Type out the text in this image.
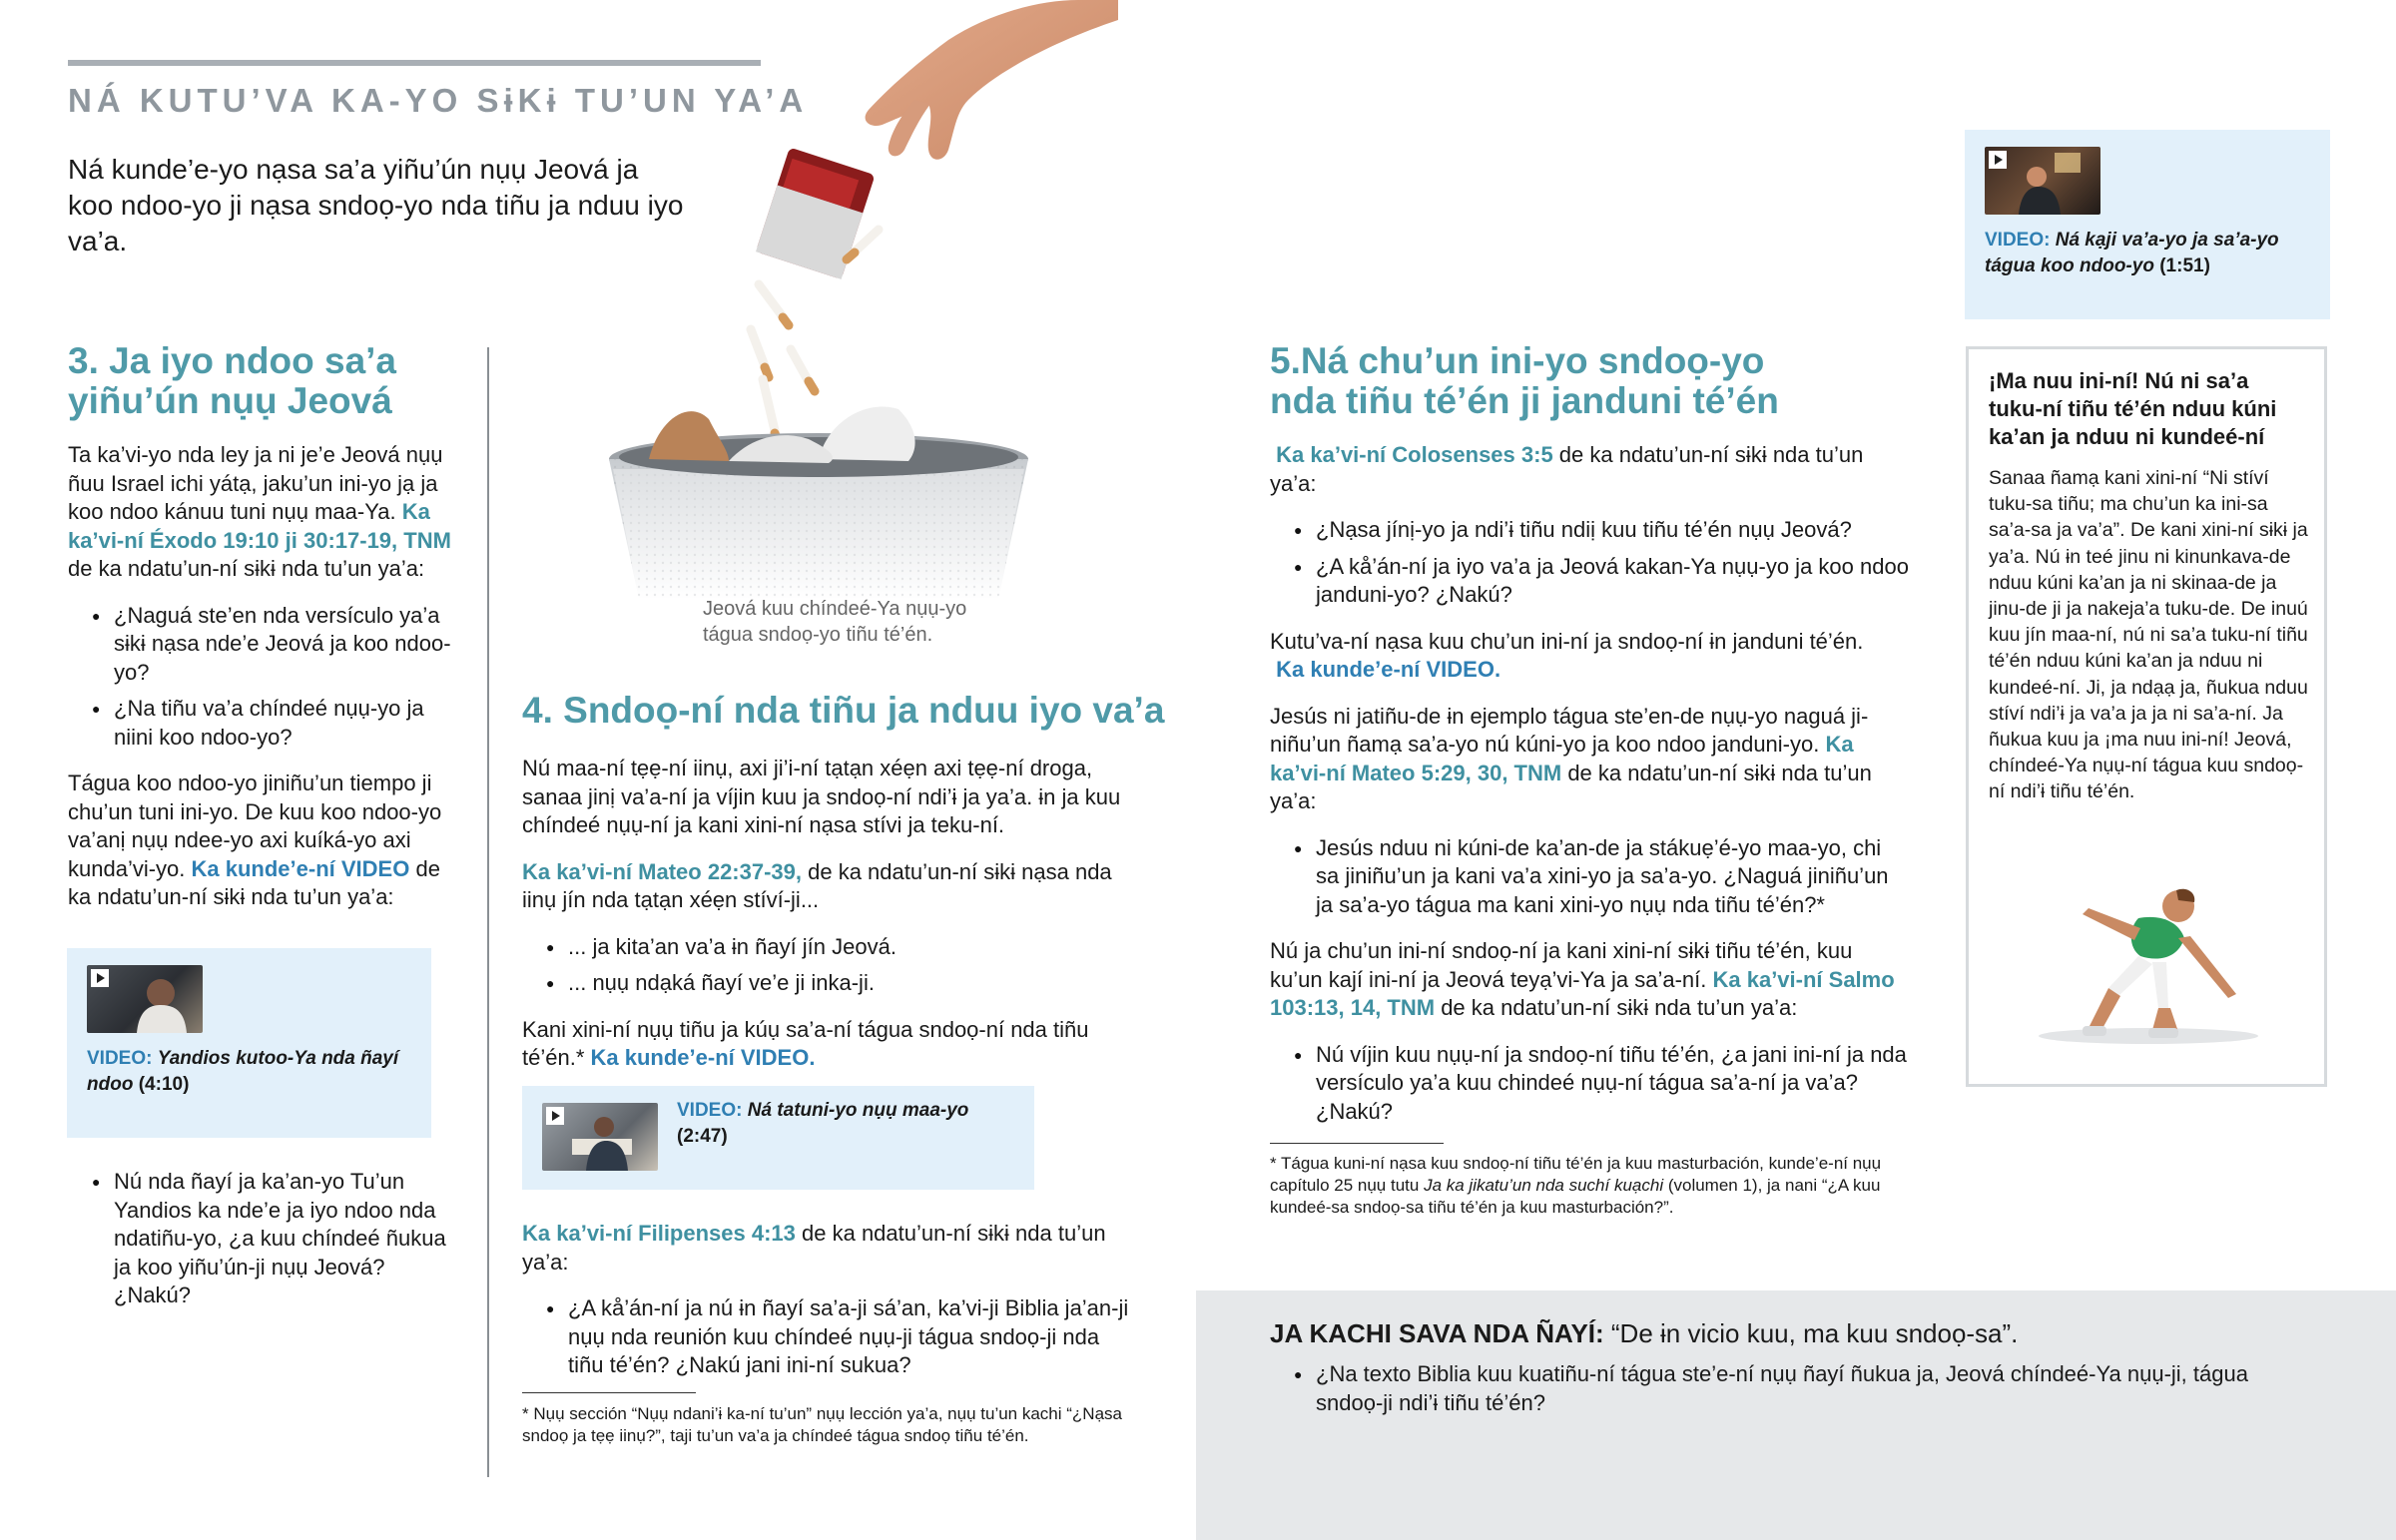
NÁ KUTU’VA KA-YO SɨKɨ TU’UN YA’A
Ná kunde’e-yo nạsa sa’a yiñu’ún nụụ Jeová ja koo ndoo-yo ji nạsa sndoọ-yo nda tiñu ja nduu iyo va’a.
Jeová kuu chíndeé-Ya nụụ-yo tágua sndoọ-yo tiñu té’én.
3. Ja iyo ndoo sa’a yiñu’ún nụụ Jeová

Ta ka’vi-yo nda ley ja ni je’e Jeová nụụ ñuu Israel ichi yátạ, jaku’un ini-yo jạ ja koo ndoo kánuu tuni nụụ maa-Ya. Ka ka’vi-ní Éxodo 19:10 ji 30:17-19, TNM de ka ndatu’un-ní sɨkɨ nda tu’un ya’a:

● ¿Naguá ste’en nda versículo ya’a sɨkɨ nạsa nde’e Jeová ja koo ndoo-yo?
● ¿Na tiñu va’a chíndeé nụụ-yo ja niini koo ndoo-yo?

Tágua koo ndoo-yo jiniñu’un tiempo ji chu’un tuni ini-yo. De kuu koo ndoo-yo va’anị nụụ ndee-yo axi kuíká-yo axi kunda’vi-yo. Ka kunde’e-ní VIDEO de ka ndatu’un-ní sɨkɨ nda tu’un ya’a:

VIDEO: Yandios kutoo-Ya nda ñayí ndoo (4:10)
● Nú nda ñayí ja ka’an-yo Tu’un Yandios ka nde’e ja iyo ndoo nda ndatiñu-yo, ¿a kuu chíndeé ñukua ja koo yiñu’ún-ji nụụ Jeová? ¿Nakú?
4. Sndoọ-ní nda tiñu ja nduu iyo va’a

Nú maa-ní tẹẹ-ní iinụ, axi ji’i-ní tạtạn xéẹn axi tẹẹ-ní droga, sanaa jinị va’a-ní ja víjin kuu ja sndoọ-ní ndi’ɨ ja ya’a. ɨn ja kuu chíndeé nụụ-ní ja kani xini-ní nạsa stívi ja teku-ní.

Ka ka’vi-ní Mateo 22:37-39, de ka ndatu’un-ní sɨkɨ nạsa nda iinụ jín nda tạtạn xéẹn stíví-ji...

● ... ja kita’an va’a ɨn ñayí jín Jeová.
● ... nụụ ndạká ñayí ve’e ji inka-ji.

Kani xini-ní nụụ tiñu ja kúụ sa’a-ní tágua sndoọ-ní nda tiñu té’én.* Ka kunde’e-ní VIDEO.

VIDEO: Ná tatuni-yo nụụ maa-yo
(2:47)

Ka ka’vi-ní Filipenses 4:13 de ka ndatu’un-ní sɨkɨ nda tu’un ya’a:

● ¿A kå’án-ní ja nú ɨn ñayí sa’a-ji sá’an, ka’vi-ji Biblia ja’an-ji nụụ nda reunión kuu chíndeé nụụ-ji tágua sndoọ-ji nda tiñu té’én? ¿Nakú jani ini-ní sukua?
* Nụụ sección “Nụụ ndani’ɨ ka-ní tu’un” nụụ lección ya’a, nụụ tu’un kachi “¿Nạsa sndoọ ja tẹẹ iinụ?”, taji tu’un va’a ja chíndeé tágua sndoọ tiñu té’én.
5.Ná chu’un ini-yo sndoọ-yo nda tiñu té’én ji janduni té’én

Ka ka’vi-ní Colosenses 3:5 de ka ndatu’un-ní sɨkɨ nda tu’un ya’a:

● ¿Nạsa jínị-yo ja ndi’ɨ tiñu ndiị kuu tiñu té’én nụụ Jeová?
● ¿A kå’án-ní ja iyo va’a ja Jeová kakan-Ya nụụ-yo ja koo ndoo janduni-yo? ¿Nakú?

Kutu’va-ní nạsa kuu chu’un ini-ní ja sndoọ-ní ɨn janduni té’én.
Ka kunde’e-ní VIDEO.

Jesús ni jatiñu-de ɨn ejemplo tágua ste’en-de nụụ-yo naguá ji-niñu’un ñamạ sa’a-yo nú kúni-yo ja koo ndoo janduni-yo. Ka ka’vi-ní Mateo 5:29, 30, TNM de ka ndatu’un-ní sɨkɨ nda tu’un ya’a:

● Jesús nduu ni kúni-de ka’an-de ja stákuẹ’é-yo maa-yo, chi sa jiniñu’un ja kani va’a xini-yo ja sa’a-yo. ¿Naguá jiniñu’un ja sa’a-yo tágua ma kani xini-yo nụụ nda tiñu té’én?*

Nú ja chu’un ini-ní sndoọ-ní ja kani xini-ní sɨkɨ tiñu té’én, kuu ku’un kají ini-ní ja Jeová teyạ’vi-Ya ja sa’a-ní. Ka ka’vi-ní Salmo 103:13, 14, TNM de ka ndatu’un-ní sɨkɨ nda tu’un ya’a:

● Nú víjin kuu nụụ-ní ja sndoọ-ní tiñu té’én, ¿a jani ini-ní ja nda versículo ya’a kuu chindeé nụụ-ní tágua sa’a-ní ja va’a? ¿Nakú?
* Tágua kuni-ní nạsa kuu sndoọ-ní tiñu té’én ja kuu masturbación, kunde’e-ní nụụ capítulo 25 nụụ tutu Ja ka jikatu’un nda suchí kuạchi (volumen 1), ja nani “¿A kuu kundeé-sa sndoọ-sa tiñu té’én ja kuu masturbación?”.
VIDEO: Ná kạji va’a-yo ja sa’a-yo tágua koo ndoo-yo (1:51)
¡Ma nuu ini-ní! Nú ni sa’a tuku-ní tiñu té’én nduu kúni ka’an ja nduu ni kundeé-ní
Sanaa ñamạ kani xini-ní “Ni stíví tuku-sa tiñu; ma chu’un ka ini-sa sa’a-sa ja va’a”. De kani xini-ní sɨkɨ ja ya’a. Nú ɨn teé jinu ni kinunkava-de nduu kúni ka’an ja ni skinaa-de ja jinu-de ji ja nakeja’a tuku-de. De inuú kuu jín maa-ní, nú ni sa’a tuku-ní tiñu té’én nduu kúni ka’an ja nduu ni kundeé-ní. Ji, ja ndạạ ja, ñukua nduu stíví ndi’ɨ ja va’a ja ja ni sa’a-ní. Ja ñukua kuu ja ¡ma nuu ini-ní! Jeová, chíndeé-Ya nụụ-ní tágua kuu sndoọ-ní ndi’ɨ tiñu té’én.
JA KACHI SAVA NDA ÑAYÍ: “De ɨn vicio kuu, ma kuu sndoọ-sa”.
● ¿Na texto Biblia kuu kuatiñu-ní tágua ste’e-ní nụụ ñayí ñukua ja, Jeová chíndeé-Ya nụụ-ji, tágua sndoọ-ji ndi’ɨ tiñu té’én?
